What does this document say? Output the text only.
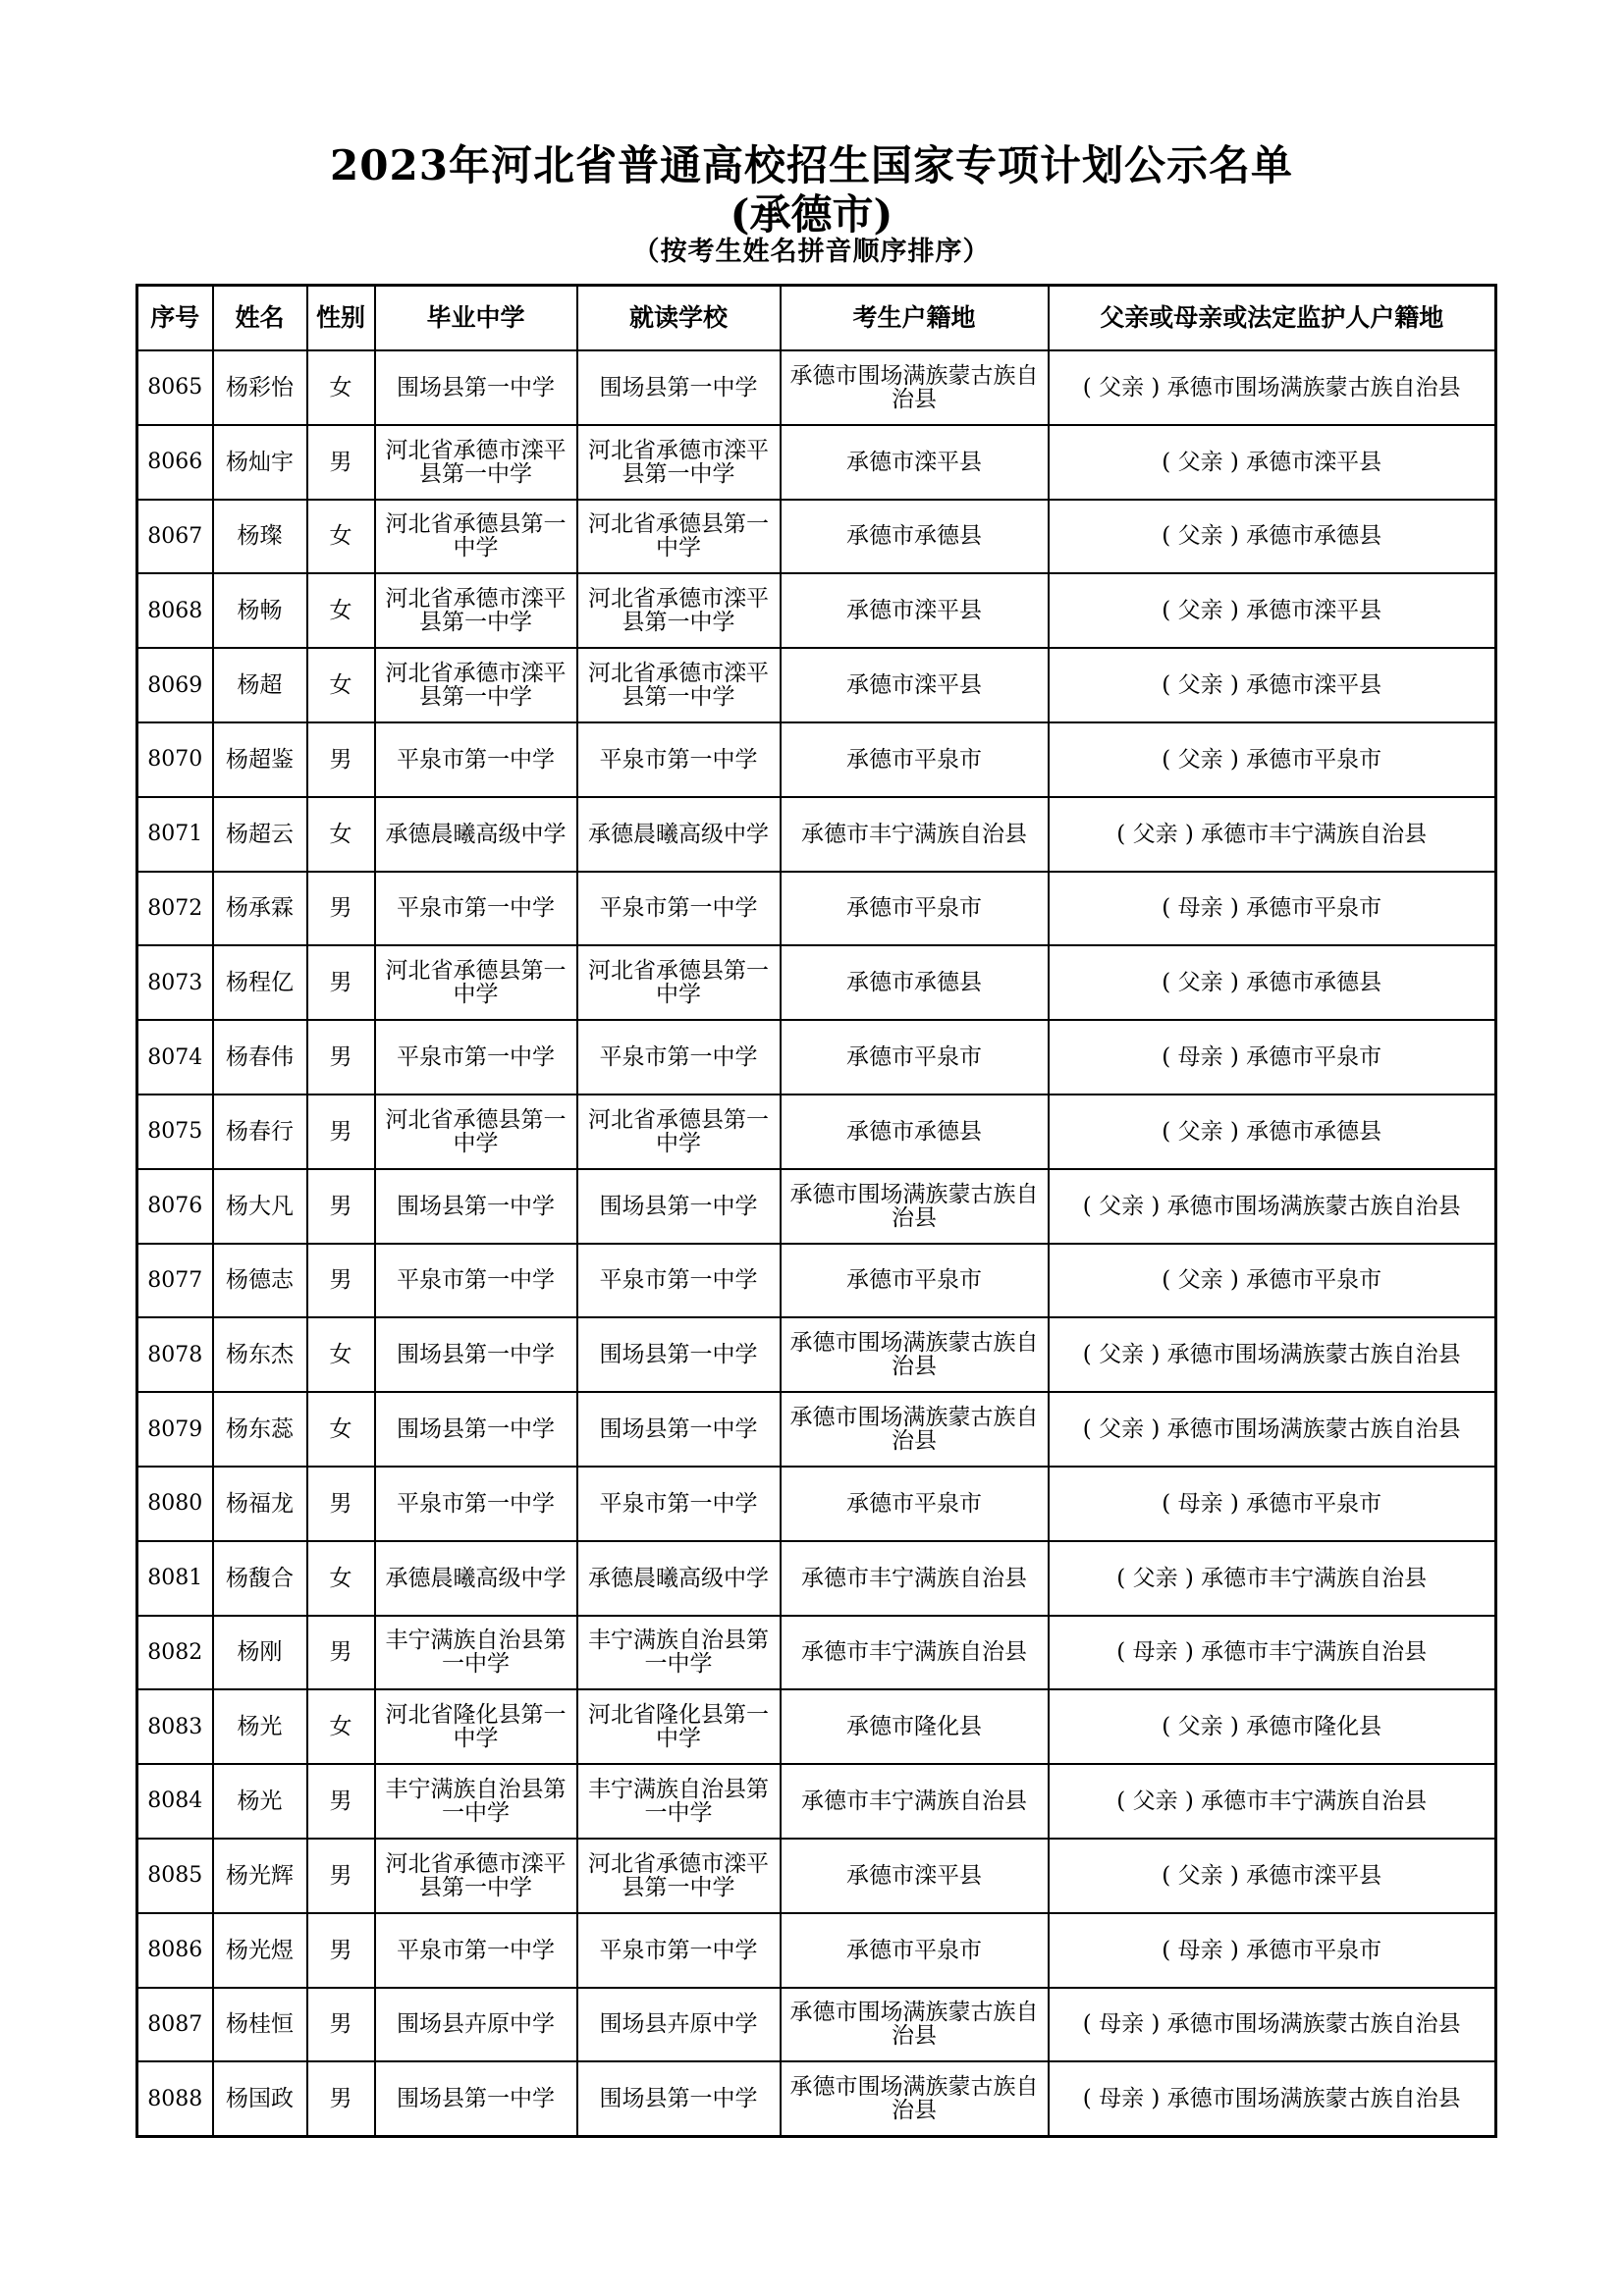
2023年河北省普通高校招生国家专项计划公示名单
(承德市)
（按考生姓名拼音顺序排序）
序号	姓名	性别	毕业中学	就读学校	考生户籍地	父亲或母亲或法定监护人户籍地
8065	杨彩怡	女	围场县第一中学	围场县第一中学	承德市围场满族蒙古族自治县	( 父亲 ) 承德市围场满族蒙古族自治县
8066	杨灿宇	男	河北省承德市滦平县第一中学	河北省承德市滦平县第一中学	承德市滦平县	( 父亲 ) 承德市滦平县
8067	杨璨	女	河北省承德县第一中学	河北省承德县第一中学	承德市承德县	( 父亲 ) 承德市承德县
8068	杨畅	女	河北省承德市滦平县第一中学	河北省承德市滦平县第一中学	承德市滦平县	( 父亲 ) 承德市滦平县
8069	杨超	女	河北省承德市滦平县第一中学	河北省承德市滦平县第一中学	承德市滦平县	( 父亲 ) 承德市滦平县
8070	杨超鉴	男	平泉市第一中学	平泉市第一中学	承德市平泉市	( 父亲 ) 承德市平泉市
8071	杨超云	女	承德晨曦高级中学	承德晨曦高级中学	承德市丰宁满族自治县	( 父亲 ) 承德市丰宁满族自治县
8072	杨承霖	男	平泉市第一中学	平泉市第一中学	承德市平泉市	( 母亲 ) 承德市平泉市
8073	杨程亿	男	河北省承德县第一中学	河北省承德县第一中学	承德市承德县	( 父亲 ) 承德市承德县
8074	杨春伟	男	平泉市第一中学	平泉市第一中学	承德市平泉市	( 母亲 ) 承德市平泉市
8075	杨春行	男	河北省承德县第一中学	河北省承德县第一中学	承德市承德县	( 父亲 ) 承德市承德县
8076	杨大凡	男	围场县第一中学	围场县第一中学	承德市围场满族蒙古族自治县	( 父亲 ) 承德市围场满族蒙古族自治县
8077	杨德志	男	平泉市第一中学	平泉市第一中学	承德市平泉市	( 父亲 ) 承德市平泉市
8078	杨东杰	女	围场县第一中学	围场县第一中学	承德市围场满族蒙古族自治县	( 父亲 ) 承德市围场满族蒙古族自治县
8079	杨东蕊	女	围场县第一中学	围场县第一中学	承德市围场满族蒙古族自治县	( 父亲 ) 承德市围场满族蒙古族自治县
8080	杨福龙	男	平泉市第一中学	平泉市第一中学	承德市平泉市	( 母亲 ) 承德市平泉市
8081	杨馥合	女	承德晨曦高级中学	承德晨曦高级中学	承德市丰宁满族自治县	( 父亲 ) 承德市丰宁满族自治县
8082	杨刚	男	丰宁满族自治县第一中学	丰宁满族自治县第一中学	承德市丰宁满族自治县	( 母亲 ) 承德市丰宁满族自治县
8083	杨光	女	河北省隆化县第一中学	河北省隆化县第一中学	承德市隆化县	( 父亲 ) 承德市隆化县
8084	杨光	男	丰宁满族自治县第一中学	丰宁满族自治县第一中学	承德市丰宁满族自治县	( 父亲 ) 承德市丰宁满族自治县
8085	杨光辉	男	河北省承德市滦平县第一中学	河北省承德市滦平县第一中学	承德市滦平县	( 父亲 ) 承德市滦平县
8086	杨光煜	男	平泉市第一中学	平泉市第一中学	承德市平泉市	( 母亲 ) 承德市平泉市
8087	杨桂恒	男	围场县卉原中学	围场县卉原中学	承德市围场满族蒙古族自治县	( 母亲 ) 承德市围场满族蒙古族自治县
8088	杨国政	男	围场县第一中学	围场县第一中学	承德市围场满族蒙古族自治县	( 母亲 ) 承德市围场满族蒙古族自治县
